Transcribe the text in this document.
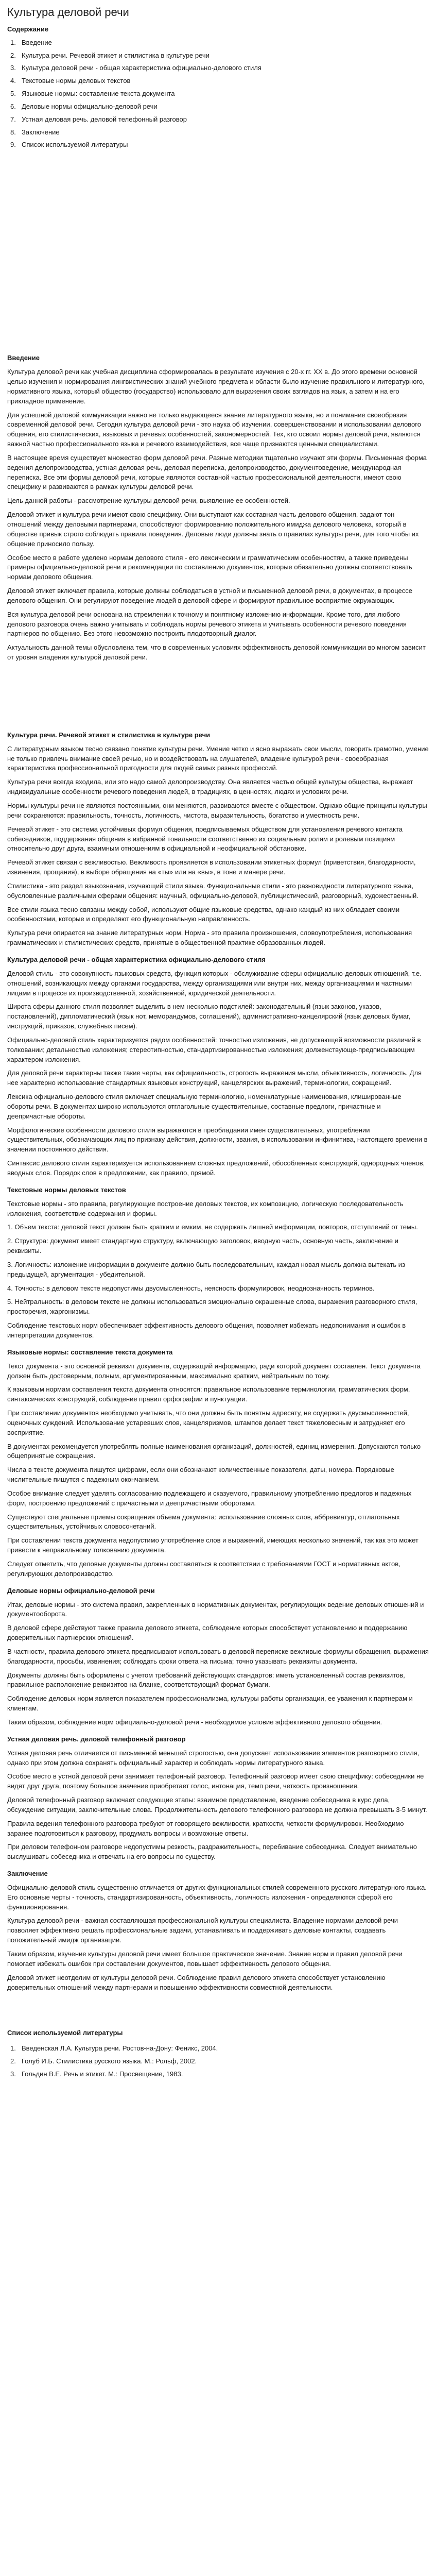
Культура деловой речи
Содержание
1. Введение
2. Культура речи. Речевой этикет и стилистика в культуре речи
3. Культура деловой речи - общая характеристика официально-делового стиля
4. Текстовые нормы деловых текстов
5. Языковые нормы: составление текста документа
6. Деловые нормы официально-деловой речи
7. Устная деловая речь. деловой телефонный разговор
8. Заключение
9. Список используемой литературы
Введение

Культура деловой речи как учебная дисциплина сформировалась в результате изучения с 20-х гг. XX в. До этого времени основной целью изучения и нормирования лингвистических знаний учебного предмета и области было изучение правильного и литературного, нормативного языка, который общество (государство) использовало для выражения своих взглядов на язык, а затем и на его прикладное применение.

Для успешной деловой коммуникации важно не только выдающееся знание литературного языка, но и понимание своеобразия современной деловой речи. Сегодня культура деловой речи - это наука об изучении, совершенствовании и использовании делового общения, его стилистических, языковых и речевых особенностей, закономерностей. Тех, кто освоил нормы деловой речи, являются важной частью профессионального языка и речевого взаимодействия, все чаще признаются ценными специалистами.

В настоящее время существует множество форм деловой речи. Разные методики тщательно изучают эти формы. Письменная форма ведения делопроизводства, устная деловая речь, деловая переписка, делопроизводство, документоведение, международная переписка. Все эти формы деловой речи, которые являются составной частью профессиональной деятельности, имеют свою специфику и развиваются в рамках культуры деловой речи.

Цель данной работы - рассмотрение культуры деловой речи, выявление ее особенностей.

Деловой этикет и культура речи имеют свою специфику. Они выступают как составная часть делового общения, задают тон отношений между деловыми партнерами, способствуют формированию положительного имиджа делового человека, который в обществе привык строго соблюдать правила поведения. Деловые люди должны знать о правилах культуры речи, для того чтобы их общение приносило пользу.

Особое место в работе уделено нормам делового стиля - его лексическим и грамматическим особенностям, а также приведены примеры официально-деловой речи и рекомендации по составлению документов, которые обязательно должны соответствовать нормам делового общения.

Деловой этикет включает правила, которые должны соблюдаться в устной и письменной деловой речи, в документах, в процессе делового общения. Они регулируют поведение людей в деловой сфере и формируют правильное восприятие окружающих.

Вся культура деловой речи основана на стремлении к точному и понятному изложению информации. Кроме того, для любого делового разговора очень важно учитывать и соблюдать нормы речевого этикета и учитывать особенности речевого поведения партнеров по общению. Без этого невозможно построить плодотворный диалог.

Актуальность данной темы обусловлена тем, что в современных условиях эффективность деловой коммуникации во многом зависит от уровня владения культурой деловой речи.

Культура речи. Речевой этикет и стилистика в культуре речи

С литературным языком тесно связано понятие культуры речи. Умение четко и ясно выражать свои мысли, говорить грамотно, умение не только привлечь внимание своей речью, но и воздействовать на слушателей, владение культурой речи - своеобразная характеристика профессиональной пригодности для людей самых разных профессий.

Культура речи всегда входила, или это надо самой делопроизводству. Она является частью общей культуры общества, выражает индивидуальные особенности речевого поведения людей, в традициях, в ценностях, людях и условиях речи.

Нормы культуры речи не являются постоянными, они меняются, развиваются вместе с обществом. Однако общие принципы культуры речи сохраняются: правильность, точность, логичность, чистота, выразительность, богатство и уместность речи.

Речевой этикет - это система устойчивых формул общения, предписываемых обществом для установления речевого контакта собеседников, поддержания общения в избранной тональности соответственно их социальным ролям и ролевым позициям относительно друг друга, взаимным отношениям в официальной и неофициальной обстановке.

Речевой этикет связан с вежливостью. Вежливость проявляется в использовании этикетных формул (приветствия, благодарности, извинения, прощания), в выборе обращения на «ты» или на «вы», в тоне и манере речи.

Стилистика - это раздел языкознания, изучающий стили языка. Функциональные стили - это разновидности литературного языка, обусловленные различными сферами общения: научный, официально-деловой, публицистический, разговорный, художественный.

Все стили языка тесно связаны между собой, используют общие языковые средства, однако каждый из них обладает своими особенностями, которые и определяют его функциональную направленность.

Культура речи опирается на знание литературных норм. Норма - это правила произношения, словоупотребления, использования грамматических и стилистических средств, принятые в общественной практике образованных людей.

Культура деловой речи - общая характеристика официально-делового стиля

Деловой стиль - это совокупность языковых средств, функция которых - обслуживание сферы официально-деловых отношений, т.е. отношений, возникающих между органами государства, между организациями или внутри них, между организациями и частными лицами в процессе их производственной, хозяйственной, юридической деятельности.

Широта сферы данного стиля позволяет выделить в нем несколько подстилей: законодательный (язык законов, указов, постановлений), дипломатический (язык нот, меморандумов, соглашений), административно-канцелярский (язык деловых бумаг, инструкций, приказов, служебных писем).

Официально-деловой стиль характеризуется рядом особенностей: точностью изложения, не допускающей возможности различий в толковании; детальностью изложения; стереотипностью, стандартизированностью изложения; долженствующе-предписывающим характером изложения.

Для деловой речи характерны также такие черты, как официальность, строгость выражения мысли, объективность, логичность. Для нее характерно использование стандартных языковых конструкций, канцелярских выражений, терминологии, сокращений.

Лексика официально-делового стиля включает специальную терминологию, номенклатурные наименования, клишированные обороты речи. В документах широко используются отглагольные существительные, составные предлоги, причастные и деепричастные обороты.

Морфологические особенности делового стиля выражаются в преобладании имен существительных, употреблении существительных, обозначающих лиц по признаку действия, должности, звания, в использовании инфинитива, настоящего времени в значении постоянного действия.

Синтаксис делового стиля характеризуется использованием сложных предложений, обособленных конструкций, однородных членов, вводных слов. Порядок слов в предложении, как правило, прямой.

Текстовые нормы деловых текстов

Текстовые нормы - это правила, регулирующие построение деловых текстов, их композицию, логическую последовательность изложения, соответствие содержания и формы.

1. Объем текста: деловой текст должен быть кратким и емким, не содержать лишней информации, повторов, отступлений от темы.

2. Структура: документ имеет стандартную структуру, включающую заголовок, вводную часть, основную часть, заключение и реквизиты.

3. Логичность: изложение информации в документе должно быть последовательным, каждая новая мысль должна вытекать из предыдущей, аргументация - убедительной.

4. Точность: в деловом тексте недопустимы двусмысленность, неясность формулировок, неоднозначность терминов.

5. Нейтральность: в деловом тексте не должны использоваться эмоционально окрашенные слова, выражения разговорного стиля, просторечия, жаргонизмы.

Соблюдение текстовых норм обеспечивает эффективность делового общения, позволяет избежать недопонимания и ошибок в интерпретации документов.

Языковые нормы: составление текста документа

Текст документа - это основной реквизит документа, содержащий информацию, ради которой документ составлен. Текст документа должен быть достоверным, полным, аргументированным, максимально кратким, нейтральным по тону.

К языковым нормам составления текста документа относятся: правильное использование терминологии, грамматических форм, синтаксических конструкций, соблюдение правил орфографии и пунктуации.

При составлении документов необходимо учитывать, что они должны быть понятны адресату, не содержать двусмысленностей, оценочных суждений. Использование устаревших слов, канцеляризмов, штампов делает текст тяжеловесным и затрудняет его восприятие.

В документах рекомендуется употреблять полные наименования организаций, должностей, единиц измерения. Допускаются только общепринятые сокращения.

Числа в тексте документа пишутся цифрами, если они обозначают количественные показатели, даты, номера. Порядковые числительные пишутся с падежным окончанием.

Особое внимание следует уделять согласованию подлежащего и сказуемого, правильному употреблению предлогов и падежных форм, построению предложений с причастными и деепричастными оборотами.

Существуют специальные приемы сокращения объема документа: использование сложных слов, аббревиатур, отглагольных существительных, устойчивых словосочетаний.

При составлении текста документа недопустимо употребление слов и выражений, имеющих несколько значений, так как это может привести к неправильному толкованию документа.

Следует отметить, что деловые документы должны составляться в соответствии с требованиями ГОСТ и нормативных актов, регулирующих делопроизводство.

Деловые нормы официально-деловой речи

Итак, деловые нормы - это система правил, закрепленных в нормативных документах, регулирующих ведение деловых отношений и документооборота.

В деловой сфере действуют также правила делового этикета, соблюдение которых способствует установлению и поддержанию доверительных партнерских отношений.

В частности, правила делового этикета предписывают использовать в деловой переписке вежливые формулы обращения, выражения благодарности, просьбы, извинения; соблюдать сроки ответа на письма; точно указывать реквизиты документа.

Документы должны быть оформлены с учетом требований действующих стандартов: иметь установленный состав реквизитов, правильное расположение реквизитов на бланке, соответствующий формат бумаги.

Соблюдение деловых норм является показателем профессионализма, культуры работы организации, ее уважения к партнерам и клиентам.

Таким образом, соблюдение норм официально-деловой речи - необходимое условие эффективного делового общения.

Устная деловая речь. деловой телефонный разговор

Устная деловая речь отличается от письменной меньшей строгостью, она допускает использование элементов разговорного стиля, однако при этом должна сохранять официальный характер и соблюдать нормы литературного языка.

Особое место в устной деловой речи занимает телефонный разговор. Телефонный разговор имеет свою специфику: собеседники не видят друг друга, поэтому большое значение приобретает голос, интонация, темп речи, четкость произношения.

Деловой телефонный разговор включает следующие этапы: взаимное представление, введение собеседника в курс дела, обсуждение ситуации, заключительные слова. Продолжительность делового телефонного разговора не должна превышать 3-5 минут.

Правила ведения телефонного разговора требуют от говорящего вежливости, краткости, четкости формулировок. Необходимо заранее подготовиться к разговору, продумать вопросы и возможные ответы.

При деловом телефонном разговоре недопустимы резкость, раздражительность, перебивание собеседника. Следует внимательно выслушивать собеседника и отвечать на его вопросы по существу.

Заключение

Официально-деловой стиль существенно отличается от других функциональных стилей современного русского литературного языка. Его основные черты - точность, стандартизированность, объективность, логичность изложения - определяются сферой его функционирования.

Культура деловой речи - важная составляющая профессиональной культуры специалиста. Владение нормами деловой речи позволяет эффективно решать профессиональные задачи, устанавливать и поддерживать деловые контакты, создавать положительный имидж организации.

Таким образом, изучение культуры деловой речи имеет большое практическое значение. Знание норм и правил деловой речи помогает избежать ошибок при составлении документов, повышает эффективность делового общения.

Деловой этикет неотделим от культуры деловой речи. Соблюдение правил делового этикета способствует установлению доверительных отношений между партнерами и повышению эффективности совместной деятельности.

Список используемой литературы
1. Введенская Л.А. Культура речи. Ростов-на-Дону: Феникс, 2004.
2. Голуб И.Б. Стилистика русского языка. М.: Рольф, 2002.
3. Гольдин В.Е. Речь и этикет. М.: Просвещение, 1983.
